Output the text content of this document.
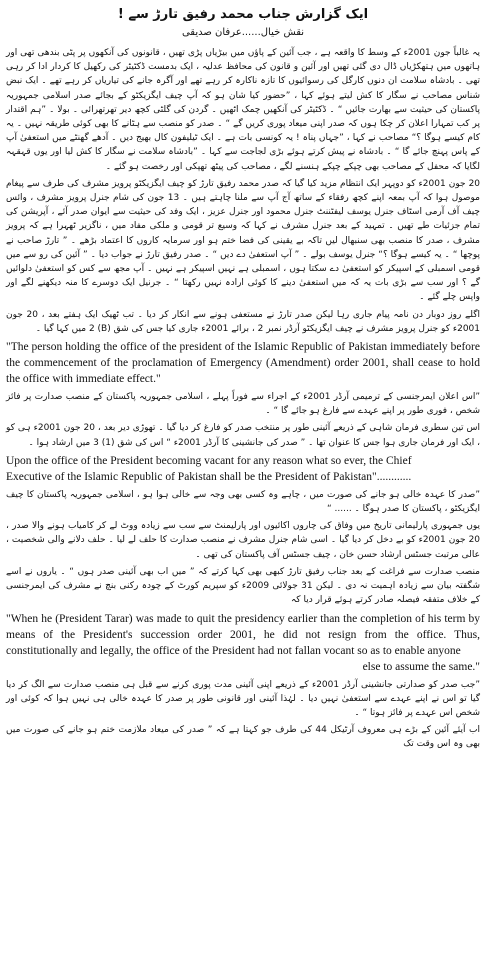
ایک گزارش جناب محمد رفیق تارڑ سے !
نقش خیال......عرفان صدیقی

یہ غالباً جون 2001ء کے وسط کا واقعہ ہے ، جب آئین کے پاؤں میں بیڑیاں پڑی تھیں ، قانونوں کی آنکھوں پر پٹی بندھی تھی اور ہاتھوں میں ہتھکڑیاں ڈال دی گئی تھیں اور آئین و قانون کی محافظ عدلیہ ، ایک بدمست ڈکٹیٹر کی رکھیل کا کردار ادا کر رہی تھی ۔ بادشاہ سلامت ان دنوں کارگل کی رسوائیوں کا تازہ ناکارہ کر رہے تھے اور آگرہ جانے کی تیاریاں کر رہے تھے ۔ ایک نبض شناس مصاحب نے سگار کا کش لیتے ہوئے کہا ، ”حضور کیا شان ہو کہ آپ چیف ایگزیکٹو کے بجائے صدر اسلامی جمہوریہ پاکستان کی حیثیت سے بھارت جائیں “ ۔ ڈکٹیٹر کی آنکھیں چمک اٹھیں ۔ گردن کی گلٹی کچھ دیر تھرتھرائی ۔ بولا ۔ ”ہم اقتدار پر کب تمہارا اعلان کر چکا ہوں کہ صدر اپنی میعاد پوری کریں گے “ ۔ صدر کو منصب سے ہٹانے کا بھی کوئی طریقہ نہیں ۔ یہ کام کیسے ہوگا ؟“ مصاحب نے کہا ، ”جہاں پناہ ! یہ کونسی بات ہے ۔ ایک ٹیلیفون کال بھیج دیں ۔ آدھے گھنٹے میں استعفیٰ آپ کے پاس پہنچ جائے گا “ ۔ بادشاہ نے پیش کرتے ہوئے بڑی لجاجت سے کہا ۔ ”بادشاہ سلامت نے سگار کا کش لیا اور یوں قہقہہ لگایا کہ محفل کے مصاحب بھی چپکے چپکے ہنسنے لگے ، مصاحب کی پیٹھ تھپکی اور رخصت ہو گئے ۔

20 جون 2001ء کو دوپہر ایک انتظام مزید کیا گیا کہ صدر محمد رفیق تارڑ کو چیف ایگزیکٹو پرویز مشرف کی طرف سے پیغام موصول ہوا کہ آپ بمعہ اپنے کچھ رفقاء کے ساتھ آج آپ سے ملنا چاہتے ہیں ۔ 13 جون کی شام جنرل پرویز مشرف ، وائس چیف آف آرمی اسٹاف جنرل یوسف لیفٹننٹ جنرل محمود اور جنرل عزیز ، ایک وفد کی حیثیت سے ایوان صدر آئے ، آپریشن کی تمام جزئیات طے تھیں ۔ تمہید کے بعد جنرل مشرف نے کہا کہ وسیع تر قومی و ملکی مفاد میں ، ناگزیر ٹھہرا ہے کہ پرویز مشرف ، صدر کا منصب بھی سنبھال لیں تاکہ بے یقینی کی فضا ختم ہو اور سرمایہ کاروں کا اعتماد بڑھے ۔ ” تارڑ صاحب نے پوچھا “ ۔ یہ کیسے ہوگا ؟“ جنرل یوسف بولے ۔ ” آپ استعفیٰ دے دیں “ ۔ صدر رفیق تارڑ نے جواب دیا ۔ ” آئین کی رو سے میں قومی اسمبلی کے اسپیکر کو استعفیٰ دے سکتا ہوں ، اسمبلی ہے نہیں اسپیکر ہے نہیں ۔ آپ مجھ سے کس کو استعفیٰ دلوائیں گے ؟ اور سب سے بڑی بات یہ کہ میں استعفیٰ دینے کا کوئی ارادہ نہیں رکھتا “ ۔ جرنیل ایک دوسرے کا منہ دیکھنے لگے اور واپس چلے گئے ۔

اگلے روز دوبار دن نامہ پیام جاری رہا لیکن صدر تارڑ نے مستعفی ہونے سے انکار کر دیا ۔ تب ٹھیک ایک ہفتے بعد ، 20 جون 2001ء کو جنرل پرویز مشرف نے چیف ایگزیکٹو آرڈر نمبر 2 ، برائے 2001ء جاری کیا جس کی شق (B) 2 میں کہا گیا ۔

"The person holding the office of the president of the Islamic Republic of Pakistan immediately before the commencement of the proclamation of Emergency (Amendment) order 2001, shall cease to hold the office with immediate effect."

”اس اعلان ایمرجنسی کے ترمیمی آرڈر 2001ء کے اجراء سے فوراً پہلے ، اسلامی جمہوریہ پاکستان کے منصب صدارت پر فائز شخص ، فوری طور پر اپنے عہدے سے فارغ ہو جائے گا “ ۔

اس تین سطری فرمان شاہی کے ذریعے آئینی طور پر منتخب صدر کو فارغ کر دیا گیا ۔ تھوڑی دیر بعد ، 20 جون 2001ء ہی کو ، ایک اور فرمان جاری ہوا جس کا عنوان تھا ۔ ” صدر کی جانشینی کا آرڈر 2001ء “ اس کی شق (1) 3 میں ارشاد ہوا ۔

Upon the office of the President becoming vacant for any reason what so ever, the Chief
Executive of the Islamic Republic of Pakistan shall be the President of Pakistan"............

”صدر کا عہدہ خالی ہو جانے کی صورت میں ، چاہے وہ کسی بھی وجہ سے خالی ہوا ہو ، اسلامی جمہوریہ پاکستان کا چیف ایگزیکٹو ، پاکستان کا صدر ہوگا ۔ ...... “

یوں جمہوری پارلیمانی تاریخ میں وفاق کی چاروں اکائیوں اور پارلیمنٹ سے سب سے زیادہ ووٹ لے کر کامیاب ہونے والا صدر ، 20 جون 2001ء کو بے دخل کر دیا گیا ۔ اسی شام جنرل مشرف نے منصب صدارت کا حلف لے لیا ۔ حلف دلانے والی شخصیت ، عالی مرتبت جسٹس ارشاد حسن خان ، چیف جسٹس آف پاکستان کی تھی ۔

منصب صدارت سے فراغت کے بعد جناب رفیق تارڑ کبھی بھی کہا کرتے کہ ” میں اب بھی آئینی صدر ہوں “ ۔ یاروں نے اسے شگفتہ بیان سے زیادہ اہمیت نہ دی ۔ لیکن 31 جولائی 2009ء کو سپریم کورٹ کے چودہ رکنی بنچ نے مشرف کی ایمرجنسی کے خلاف متفقہ فیصلہ صادر کرتے ہوئے قرار دیا کہ

"When he (President Tarar) was made to quit the presidency earlier than the completion of his term by means of the President's succession order 2001, he did not resign from the office. Thus, constitutionally and legally, the office of the President had not fallan vocant so as to enable anyone
else to assume the same."

”جب صدر کو صدارتی جانشینی آرڈر 2001ء کے ذریعے اپنی آئینی مدت پوری کرنے سے قبل ہی منصب صدارت سے الگ کر دیا گیا تو اس نے اپنے عہدے سے استعفیٰ نہیں دیا ۔ لہٰذا آئینی اور قانونی طور پر صدر کا عہدہ خالی ہی نہیں ہوا کہ کوئی اور شخص اس عہدے پر فائز ہوتا “ ۔

اب آیئے آئین کے بڑے ہی معروف آرٹیکل 44 کی طرف جو کہتا ہے کہ ” صدر کی میعاد ملازمت ختم ہو جانے کی صورت میں بھی وہ اس وقت تک
